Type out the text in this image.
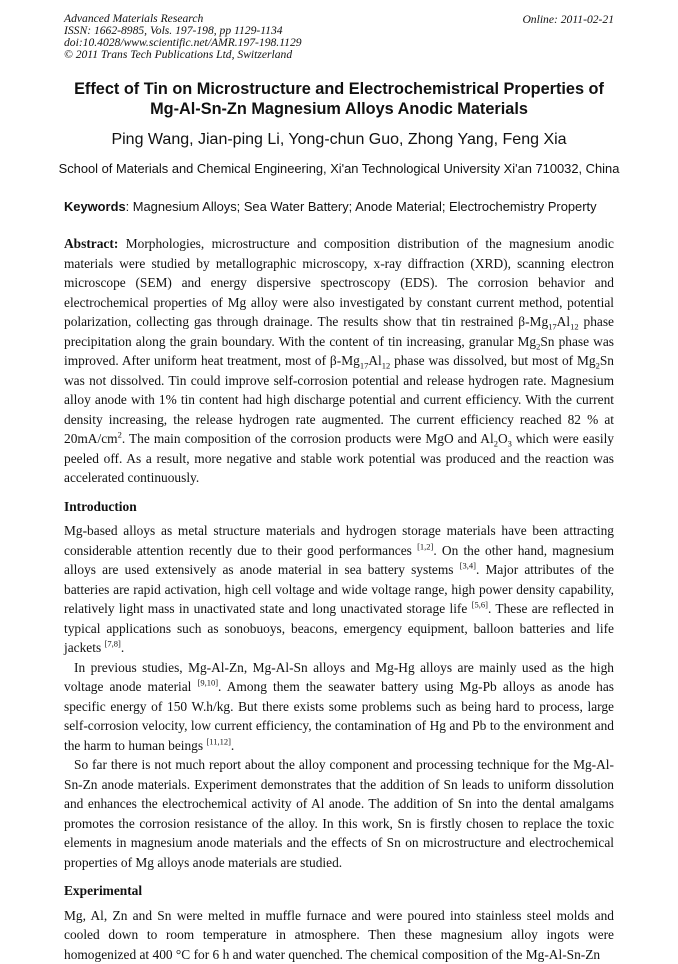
Advanced Materials Research
ISSN: 1662-8985, Vols. 197-198, pp 1129-1134
doi:10.4028/www.scientific.net/AMR.197-198.1129
© 2011 Trans Tech Publications Ltd, Switzerland
Online: 2011-02-21
Effect of Tin on Microstructure and Electrochemistrical Properties of
Mg-Al-Sn-Zn Magnesium Alloys Anodic Materials
Ping Wang, Jian-ping Li, Yong-chun Guo, Zhong Yang, Feng Xia
School of Materials and Chemical Engineering, Xi'an Technological University Xi'an 710032, China
Keywords: Magnesium Alloys; Sea Water Battery; Anode Material; Electrochemistry Property

Abstract: Morphologies, microstructure and composition distribution of the magnesium anodic materials were studied by metallographic microscopy, x-ray diffraction (XRD), scanning electron microscope (SEM) and energy dispersive spectroscopy (EDS). The corrosion behavior and electrochemical properties of Mg alloy were also investigated by constant current method, potential polarization, collecting gas through drainage. The results show that tin restrained $\beta-Mg_{17}Al_{12}$ phase precipitation along the grain boundary. With the content of tin increasing, granular $Mg_2Sn$ phase was improved. After uniform heat treatment, most of $\beta-Mg_{17}Al_{12}$ phase was dissolved, but most of $Mg_2Sn$ was not dissolved. Tin could improve self-corrosion potential and release hydrogen rate. Magnesium alloy anode with 1% tin content had high discharge potential and current efficiency. With the current density increasing, the release hydrogen rate augmented. The current efficiency reached 82 % at $20mA/cm^2$. The main composition of the corrosion products were MgO and $Al_2O_3$ which were easily peeled off. As a result, more negative and stable work potential was produced and the reaction was accelerated continuously.

Introduction

Mg-based alloys as metal structure materials and hydrogen storage materials have been attracting considerable attention recently due to their good performances [1,2]. On the other hand, magnesium alloys are used extensively as anode material in sea battery systems [3,4]. Major attributes of the batteries are rapid activation, high cell voltage and wide voltage range, high power density capability, relatively light mass in unactivated state and long unactivated storage life [5,6]. These are reflected in typical applications such as sonobuoys, beacons, emergency equipment, balloon batteries and life jackets [7,8].

In previous studies, Mg-Al-Zn, Mg-Al-Sn alloys and Mg-Hg alloys are mainly used as the high voltage anode material [9,10]. Among them the seawater battery using Mg-Pb alloys as anode has specific energy of 150 W.h/kg. But there exists some problems such as being hard to process, large self-corrosion velocity, low current efficiency, the contamination of Hg and Pb to the environment and the harm to human beings [11,12].

So far there is not much report about the alloy component and processing technique for the Mg-Al-Sn-Zn anode materials. Experiment demonstrates that the addition of Sn leads to uniform dissolution and enhances the electrochemical activity of Al anode. The addition of Sn into the dental amalgams promotes the corrosion resistance of the alloy. In this work, Sn is firstly chosen to replace the toxic elements in magnesium anode materials and the effects of Sn on microstructure and electrochemical properties of Mg alloys anode materials are studied.

Experimental

Mg, Al, Zn and Sn were melted in muffle furnace and were poured into stainless steel molds and cooled down to room temperature in atmosphere. Then these magnesium alloy ingots were homogenized at 400 °C for 6 h and water quenched. The chemical composition of the Mg-Al-Sn-Zn
